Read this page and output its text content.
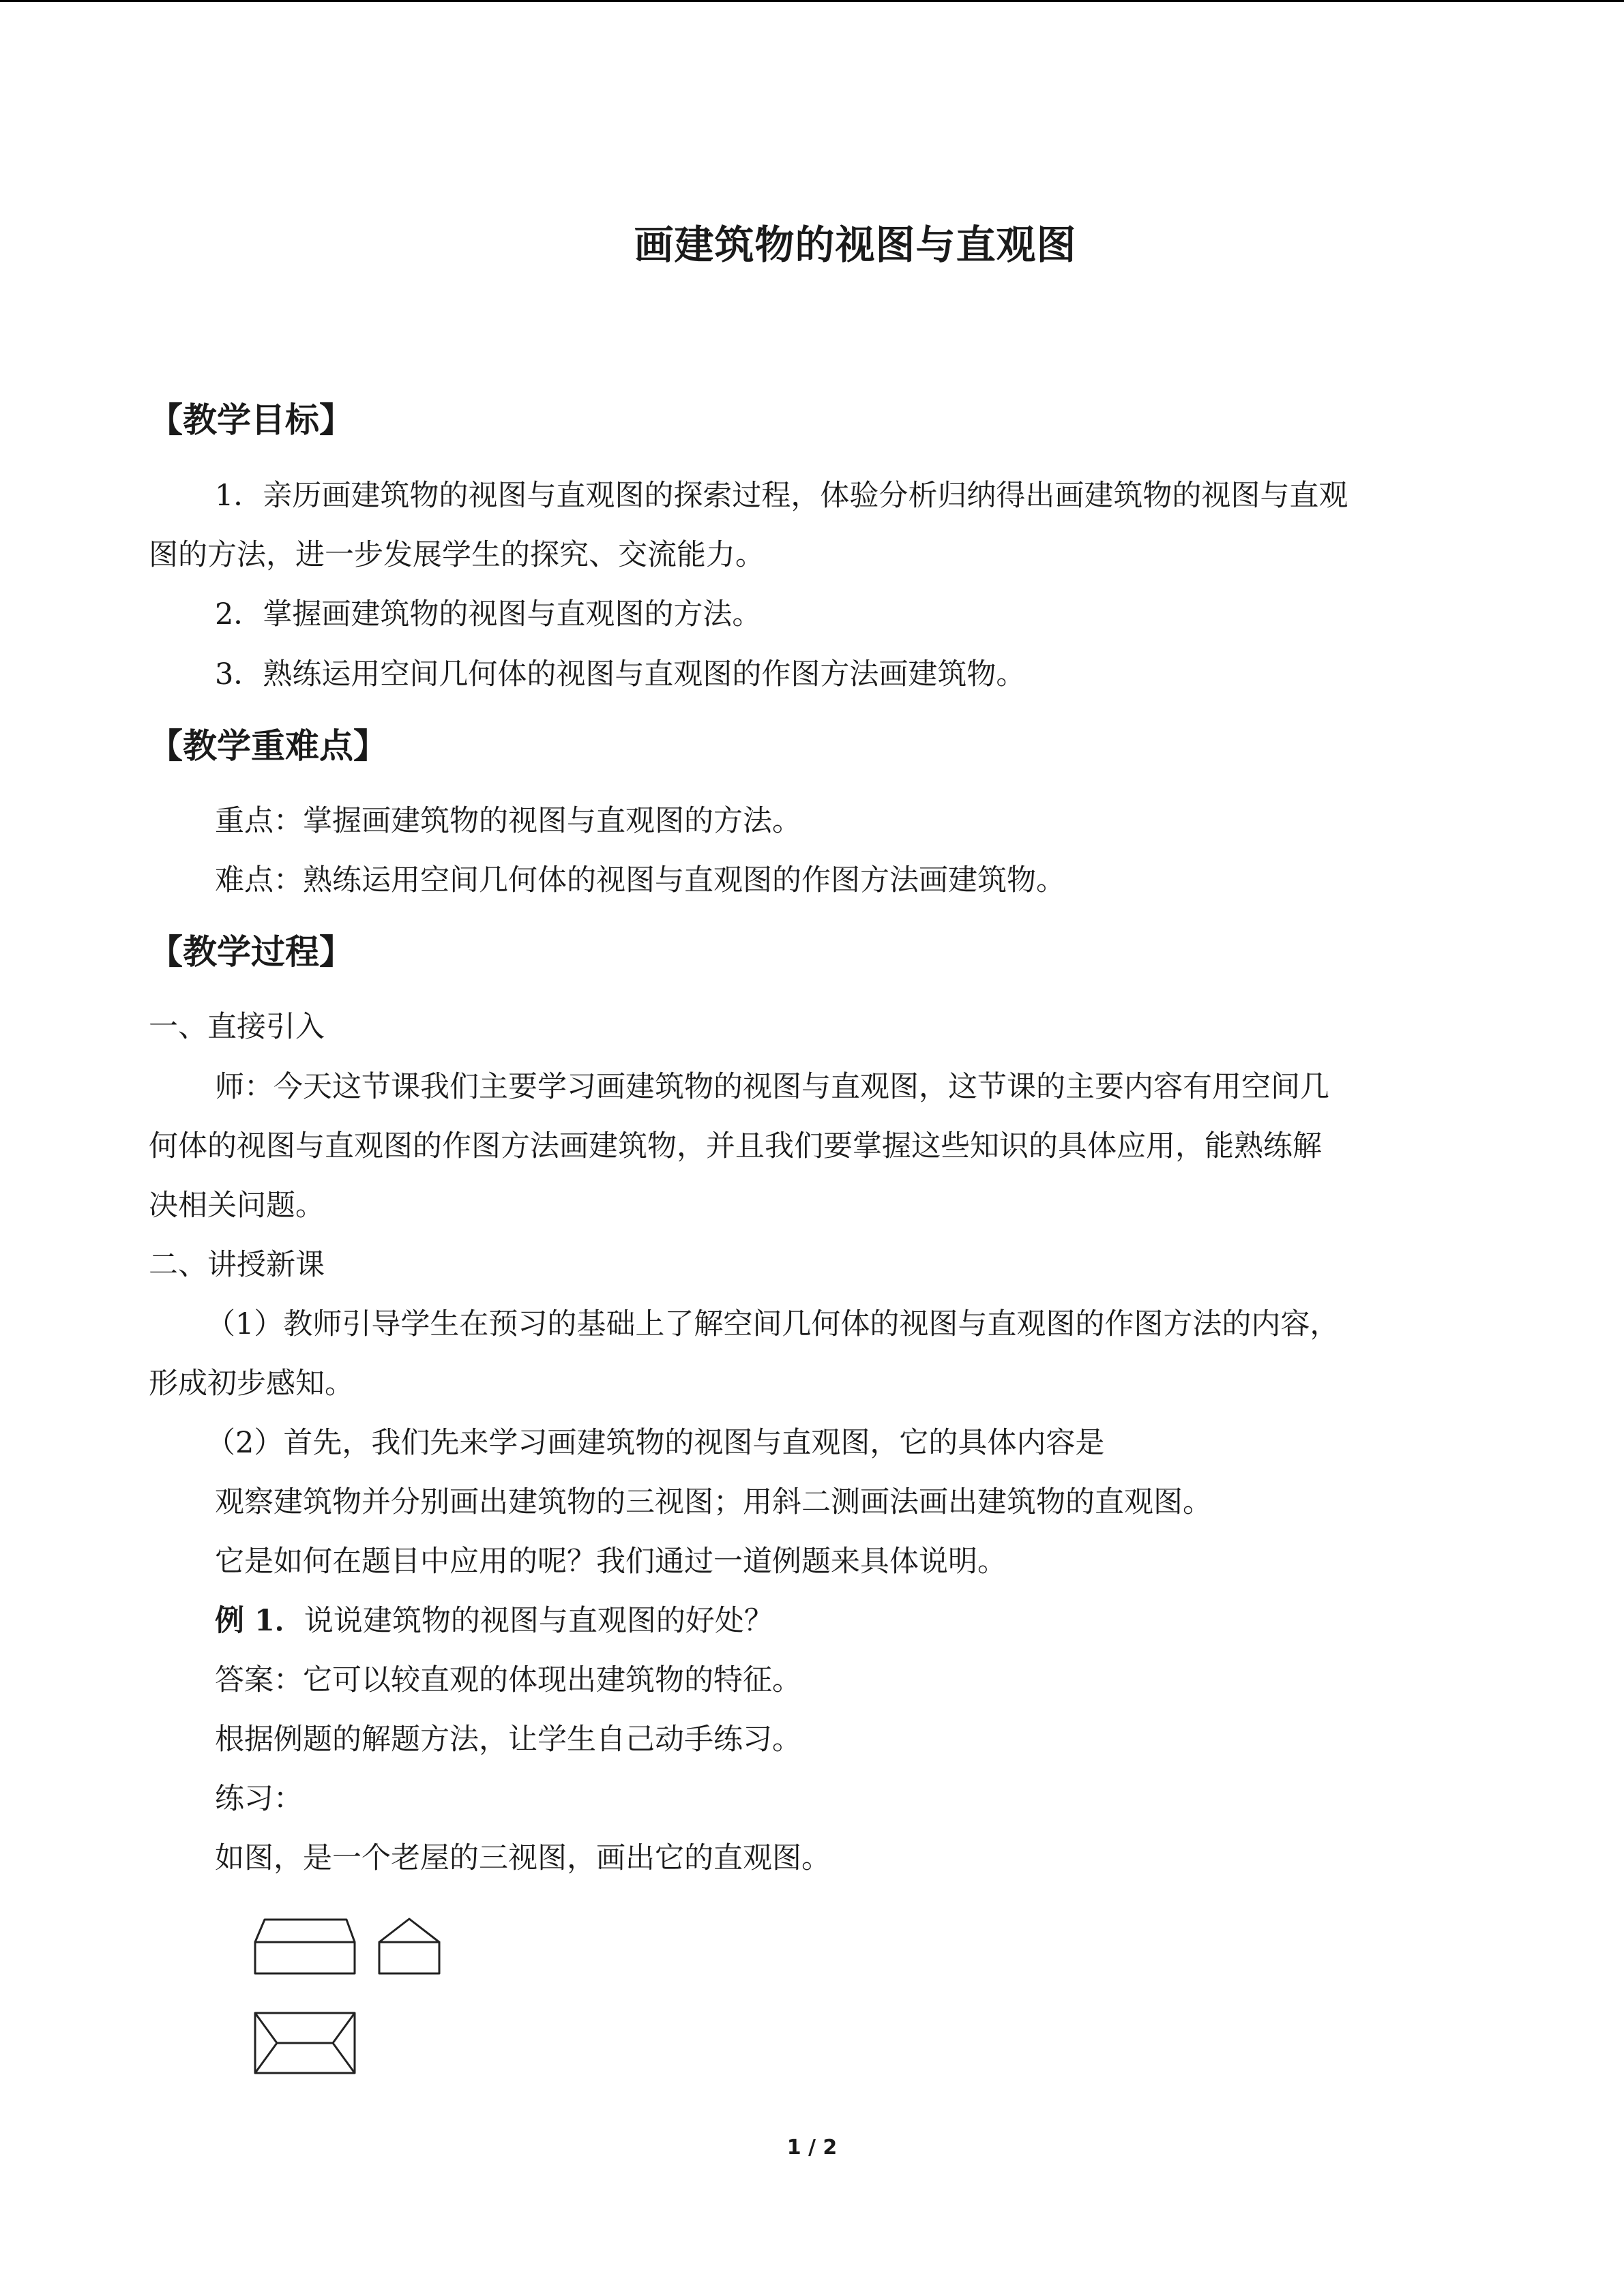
画建筑物的视图与直观图
【教学目标】
1．亲历画建筑物的视图与直观图的探索过程，体验分析归纳得出画建筑物的视图与直观
图的方法，进一步发展学生的探究、交流能力。
2．掌握画建筑物的视图与直观图的方法。
3．熟练运用空间几何体的视图与直观图的作图方法画建筑物。
【教学重难点】
重点：掌握画建筑物的视图与直观图的方法。
难点：熟练运用空间几何体的视图与直观图的作图方法画建筑物。
【教学过程】
一、直接引入
师：今天这节课我们主要学习画建筑物的视图与直观图，这节课的主要内容有用空间几
何体的视图与直观图的作图方法画建筑物，并且我们要掌握这些知识的具体应用，能熟练解
决相关问题。
二、讲授新课
（1）教师引导学生在预习的基础上了解空间几何体的视图与直观图的作图方法的内容，
形成初步感知。
（2）首先，我们先来学习画建筑物的视图与直观图，它的具体内容是
观察建筑物并分别画出建筑物的三视图；用斜二测画法画出建筑物的直观图。
它是如何在题目中应用的呢？我们通过一道例题来具体说明。
例 1．说说建筑物的视图与直观图的好处？
答案：它可以较直观的体现出建筑物的特征。
根据例题的解题方法，让学生自己动手练习。
练习：
如图，是一个老屋的三视图，画出它的直观图。
1 / 2
